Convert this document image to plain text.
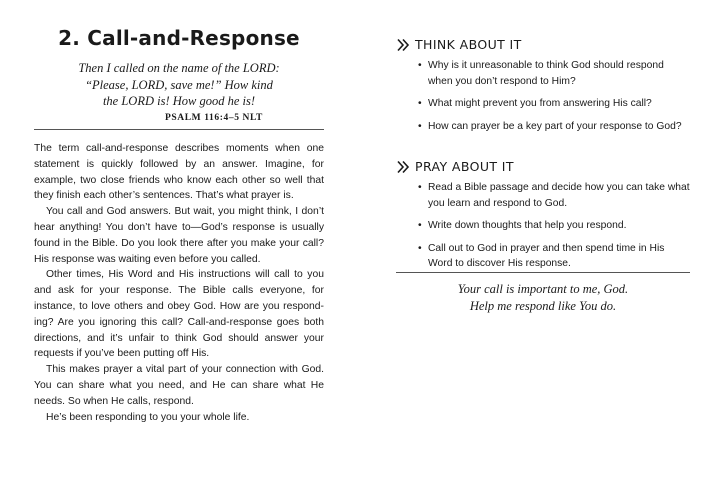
2. Call-and-Response
Then I called on the name of the LORD:
“Please, LORD, save me!” How kind
the LORD is! How good he is!
PSALM 116:4–5 NLT

The term call-and-response describes moments when one statement is quickly followed by an answer. Imagine, for example, two close friends who know each other so well that they finish each other’s sentences. That’s what prayer is.

You call and God answers. But wait, you might think, I don’t hear anything! You don’t have to—God’s response is usually found in the Bible. Do you look there after you make your call? His response was waiting even before you called.

Other times, His Word and His instructions will call to you and ask for your response. The Bible calls everyone, for instance, to love others and obey God. How are you respond-ing? Are you ignoring this call? Call-and-response goes both directions, and it’s unfair to think God should answer your requests if you’ve been putting off His.

This makes prayer a vital part of your connection with God. You can share what you need, and He can share what He needs. So when He calls, respond.

He’s been responding to you your whole life.

THINK ABOUT IT
• Why is it unreasonable to think God should respond when you don’t respond to Him?
• What might prevent you from answering His call?
• How can prayer be a key part of your response to God?
PRAY ABOUT IT
• Read a Bible passage and decide how you can take what you learn and respond to God.
• Write down thoughts that help you respond.
• Call out to God in prayer and then spend time in His Word to discover His response.
Your call is important to me, God.
Help me respond like You do.
